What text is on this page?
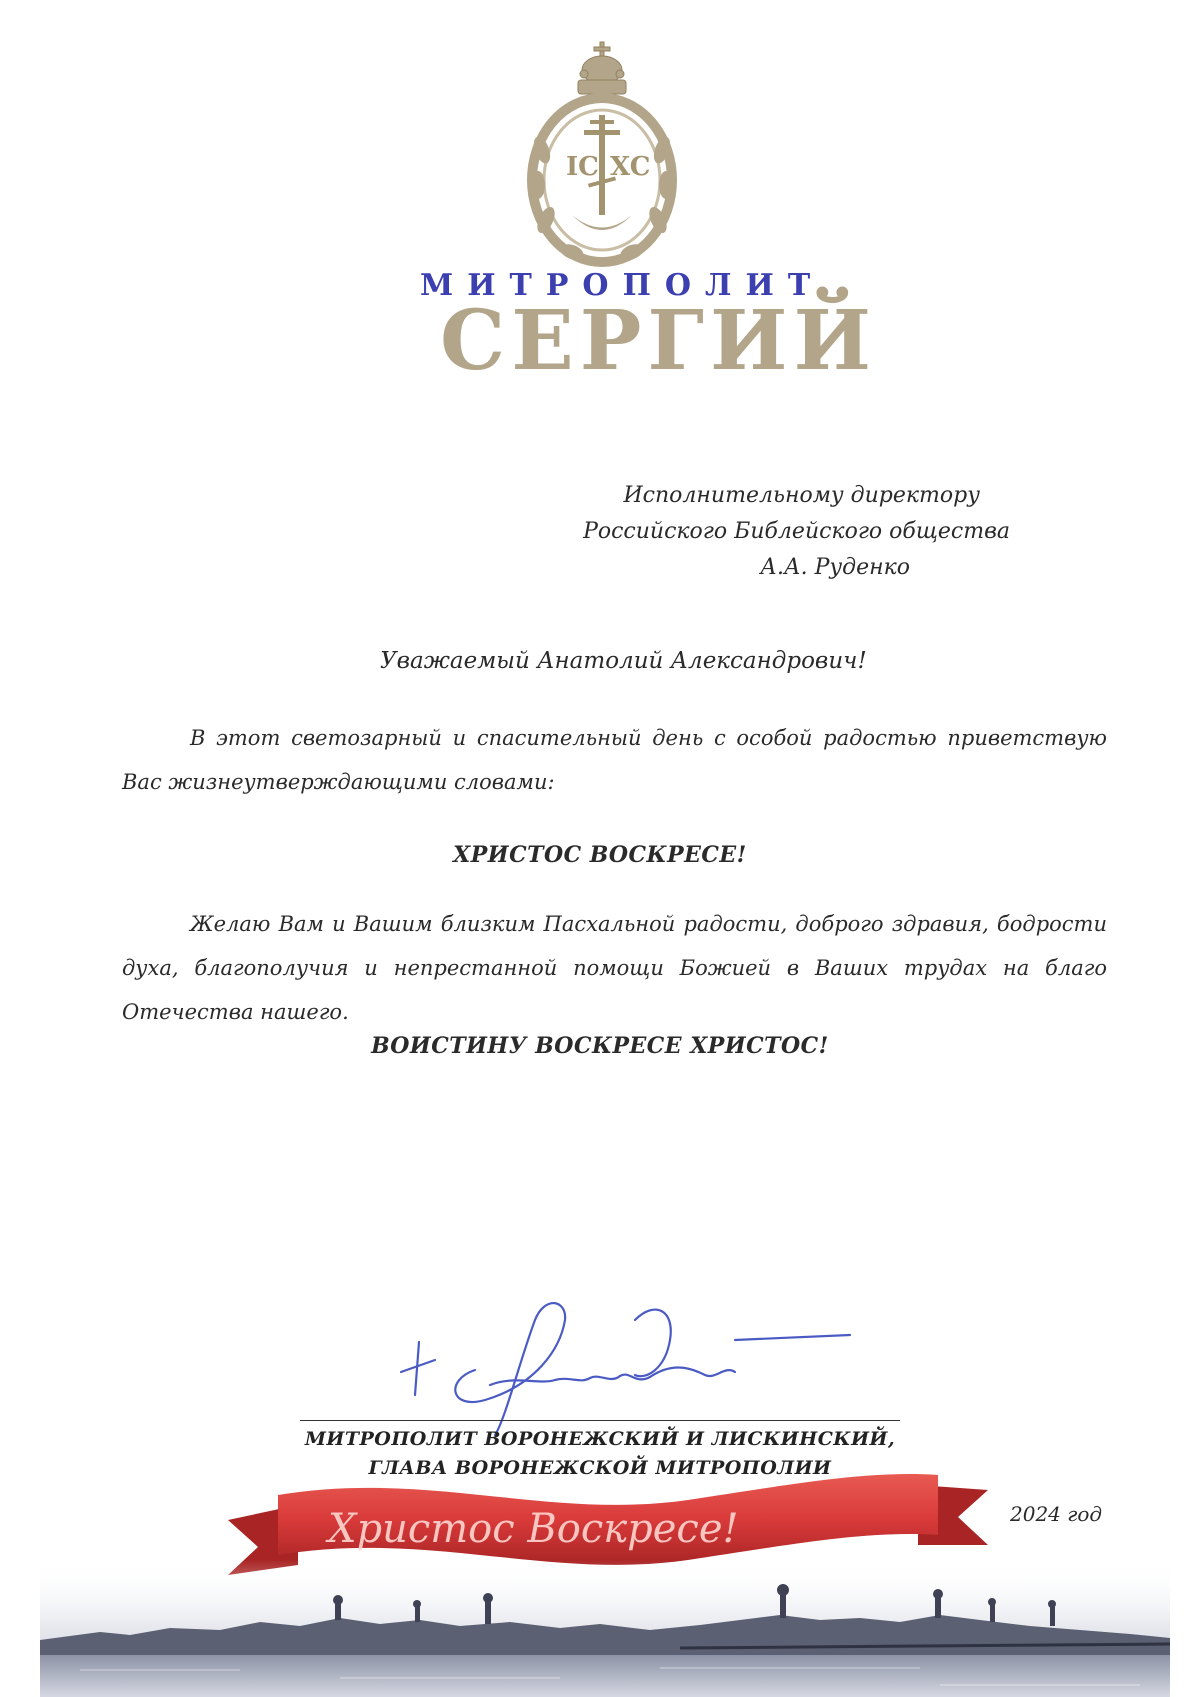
IC XC
МИТРОПОЛИТ
СЕРГИЙ
Исполнительному директору
Российского Библейского общества
А.А. Руденко
Уважаемый Анатолий Александрович!
В этот светозарный и спасительный день с особой радостью приветствую Вас жизнеутверждающими словами:
ХРИСТОС ВОСКРЕСЕ!
Желаю Вам и Вашим близким Пасхальной радости, доброго здравия, бодрости духа, благополучия и непрестанной помощи Божией в Ваших трудах на благо Отечества нашего.
ВОИСТИНУ ВОСКРЕСЕ ХРИСТОС!
Христос Воскресе!
МИТРОПОЛИТ ВОРОНЕЖСКИЙ И ЛИСКИНСКИЙ,
ГЛАВА ВОРОНЕЖСКОЙ МИТРОПОЛИИ
2024 год
